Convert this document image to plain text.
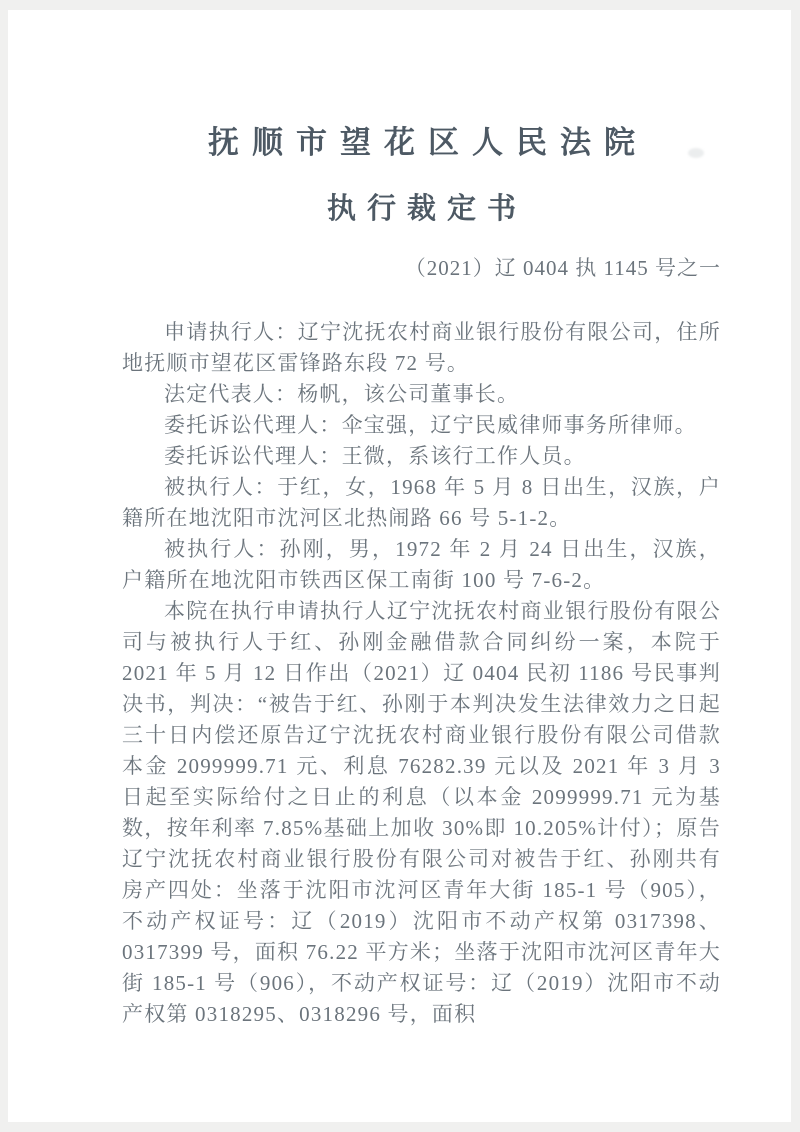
抚顺市望花区人民法院
执行裁定书
（2021）辽 0404 执 1145 号之一

申请执行人：辽宁沈抚农村商业银行股份有限公司，住所地抚顺市望花区雷锋路东段 72 号。

法定代表人：杨帆，该公司董事长。

委托诉讼代理人：伞宝强，辽宁民威律师事务所律师。

委托诉讼代理人：王微，系该行工作人员。

被执行人：于红，女，1968 年 5 月 8 日出生，汉族，户籍所在地沈阳市沈河区北热闹路 66 号 5-1-2。

被执行人：孙刚，男，1972 年 2 月 24 日出生，汉族，户籍所在地沈阳市铁西区保工南街 100 号 7-6-2。

本院在执行申请执行人辽宁沈抚农村商业银行股份有限公司与被执行人于红、孙刚金融借款合同纠纷一案，本院于 2021 年 5 月 12 日作出（2021）辽 0404 民初 1186 号民事判决书，判决：“被告于红、孙刚于本判决发生法律效力之日起三十日内偿还原告辽宁沈抚农村商业银行股份有限公司借款本金 2099999.71 元、利息 76282.39 元以及 2021 年 3 月 3 日起至实际给付之日止的利息（以本金 2099999.71 元为基数，按年利率 7.85%基础上加收 30%即 10.205%计付）；原告辽宁沈抚农村商业银行股份有限公司对被告于红、孙刚共有房产四处：坐落于沈阳市沈河区青年大街 185-1 号（905），不动产权证号：辽（2019）沈阳市不动产权第 0317398、0317399 号，面积 76.22 平方米；坐落于沈阳市沈河区青年大街 185-1 号（906），不动产权证号：辽（2019）沈阳市不动产权第 0318295、0318296 号，面积
